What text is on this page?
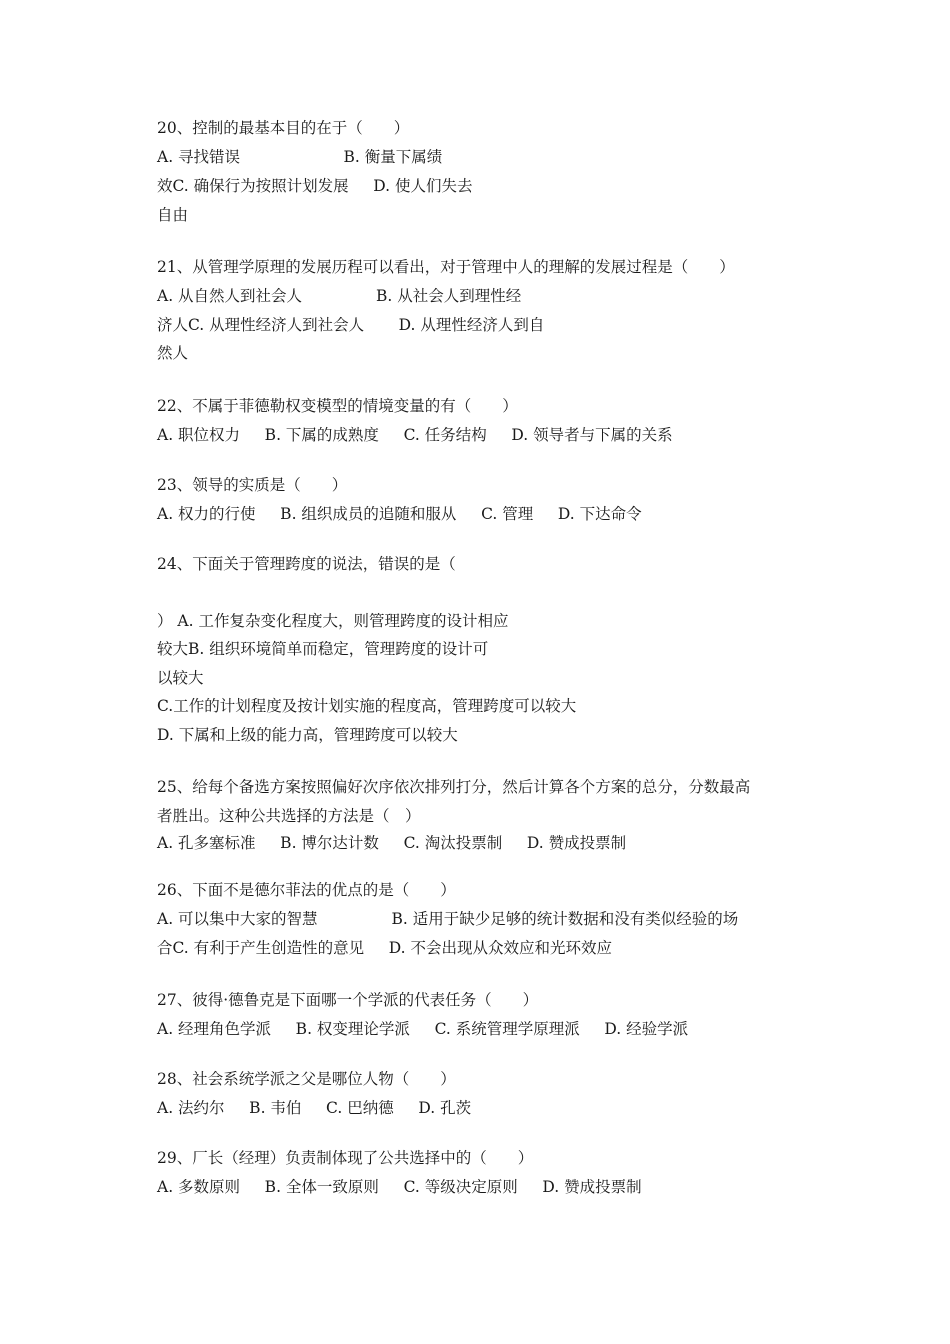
20、控制的最基本目的在于（　　）
A. 寻找错误                     B. 衡量下属绩
效C. 确保行为按照计划发展     D. 使人们失去
自由
21、从管理学原理的发展历程可以看出，对于管理中人的理解的发展过程是（　　）
A. 从自然人到社会人               B. 从社会人到理性经
济人C. 从理性经济人到社会人       D. 从理性经济人到自
然人
22、不属于菲德勒权变模型的情境变量的有（　　）
A. 职位权力     B. 下属的成熟度     C. 任务结构     D. 领导者与下属的关系
23、领导的实质是（　　）
A. 权力的行使     B. 组织成员的追随和服从     C. 管理     D. 下达命令
24、下面关于管理跨度的说法，错误的是（
） A. 工作复杂变化程度大，则管理跨度的设计相应
较大B. 组织环境简单而稳定，管理跨度的设计可
以较大
C.工作的计划程度及按计划实施的程度高，管理跨度可以较大
D. 下属和上级的能力高，管理跨度可以较大
25、给每个备选方案按照偏好次序依次排列打分，然后计算各个方案的总分，分数最高
者胜出。这种公共选择的方法是（　）
A. 孔多塞标准     B. 博尔达计数     C. 淘汰投票制     D. 赞成投票制
26、下面不是德尔菲法的优点的是（　　）
A. 可以集中大家的智慧               B. 适用于缺少足够的统计数据和没有类似经验的场
合C. 有利于产生创造性的意见     D. 不会出现从众效应和光环效应
27、彼得·德鲁克是下面哪一个学派的代表任务（　　）
A. 经理角色学派     B. 权变理论学派     C. 系统管理学原理派     D. 经验学派
28、社会系统学派之父是哪位人物（　　）
A. 法约尔     B. 韦伯     C. 巴纳德     D. 孔茨
29、厂长（经理）负责制体现了公共选择中的（　　）
A. 多数原则     B. 全体一致原则     C. 等级决定原则     D. 赞成投票制
